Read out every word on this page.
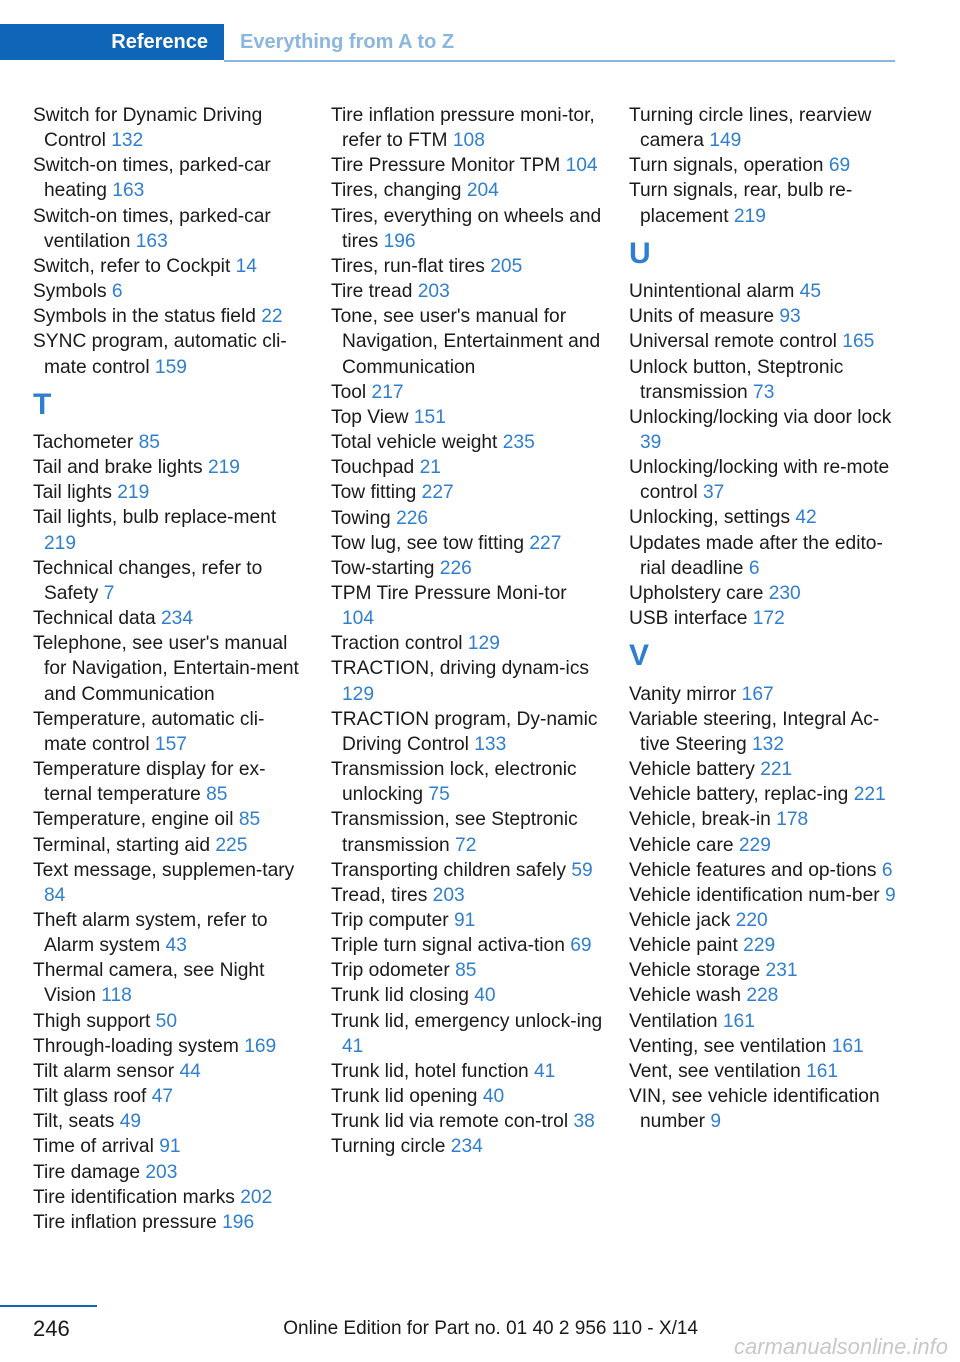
Reference	Everything from A to Z
Switch for Dynamic Driving Control 132
Switch-on times, parked-car heating 163
Switch-on times, parked-car ventilation 163
Switch, refer to Cockpit 14
Symbols 6
Symbols in the status field 22
SYNC program, automatic cli-mate control 159
T
Tachometer 85
Tail and brake lights 219
Tail lights 219
Tail lights, bulb replace-ment 219
Technical changes, refer to Safety 7
Technical data 234
Telephone, see user's manual for Navigation, Entertain-ment and Communication
Temperature, automatic cli-mate control 157
Temperature display for ex-ternal temperature 85
Temperature, engine oil 85
Terminal, starting aid 225
Text message, supplemen-tary 84
Theft alarm system, refer to Alarm system 43
Thermal camera, see Night Vision 118
Thigh support 50
Through-loading system 169
Tilt alarm sensor 44
Tilt glass roof 47
Tilt, seats 49
Time of arrival 91
Tire damage 203
Tire identification marks 202
Tire inflation pressure 196
Tire inflation pressure moni-tor, refer to FTM 108
Tire Pressure Monitor TPM 104
Tires, changing 204
Tires, everything on wheels and tires 196
Tires, run-flat tires 205
Tire tread 203
Tone, see user's manual for Navigation, Entertainment and Communication
Tool 217
Top View 151
Total vehicle weight 235
Touchpad 21
Tow fitting 227
Towing 226
Tow lug, see tow fitting 227
Tow-starting 226
TPM Tire Pressure Moni-tor 104
Traction control 129
TRACTION, driving dynam-ics 129
TRACTION program, Dy-namic Driving Control 133
Transmission lock, electronic unlocking 75
Transmission, see Steptronic transmission 72
Transporting children safely 59
Tread, tires 203
Trip computer 91
Triple turn signal activa-tion 69
Trip odometer 85
Trunk lid closing 40
Trunk lid, emergency unlock-ing 41
Trunk lid, hotel function 41
Trunk lid opening 40
Trunk lid via remote con-trol 38
Turning circle 234
Turning circle lines, rearview camera 149
Turn signals, operation 69
Turn signals, rear, bulb re-placement 219
U
Unintentional alarm 45
Units of measure 93
Universal remote control 165
Unlock button, Steptronic transmission 73
Unlocking/locking via door lock 39
Unlocking/locking with re-mote control 37
Unlocking, settings 42
Updates made after the edito-rial deadline 6
Upholstery care 230
USB interface 172
V
Vanity mirror 167
Variable steering, Integral Ac-tive Steering 132
Vehicle battery 221
Vehicle battery, replac-ing 221
Vehicle, break-in 178
Vehicle care 229
Vehicle features and op-tions 6
Vehicle identification num-ber 9
Vehicle jack 220
Vehicle paint 229
Vehicle storage 231
Vehicle wash 228
Ventilation 161
Venting, see ventilation 161
Vent, see ventilation 161
VIN, see vehicle identification number 9
246	Online Edition for Part no. 01 40 2 956 110 - X/14
carmanualsonline.info
